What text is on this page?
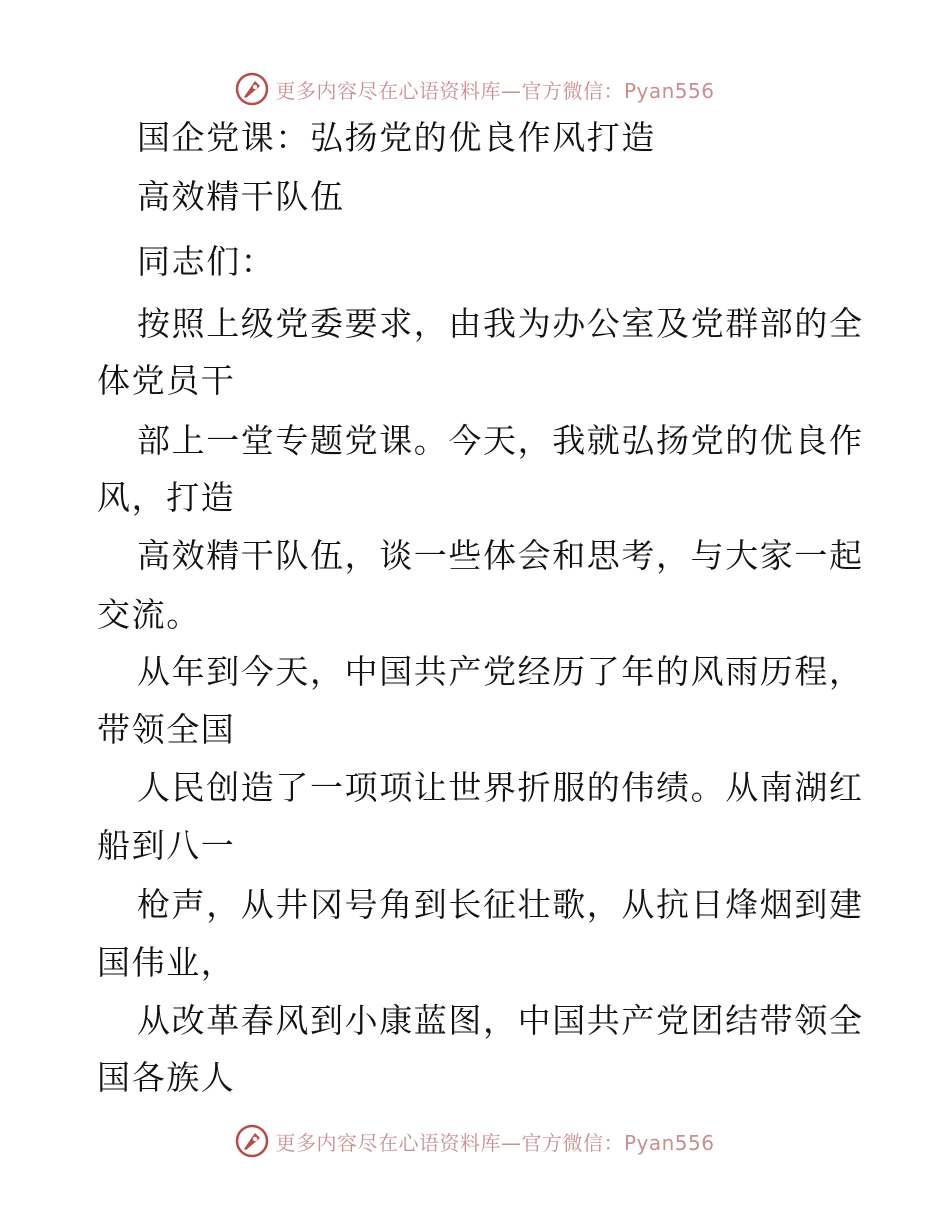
更多内容尽在心语资料库—官方微信：Pyan556
国企党课：弘扬党的优良作风打造
高效精干队伍
同志们：
按照上级党委要求，由我为办公室及党群部的全
体党员干
部上一堂专题党课。今天，我就弘扬党的优良作
风，打造
高效精干队伍，谈一些体会和思考，与大家一起
交流。
从年到今天，中国共产党经历了年的风雨历程，
带领全国
人民创造了一项项让世界折服的伟绩。从南湖红
船到八一
枪声，从井冈号角到长征壮歌，从抗日烽烟到建
国伟业，
从改革春风到小康蓝图，中国共产党团结带领全
国各族人
更多内容尽在心语资料库—官方微信：Pyan556
